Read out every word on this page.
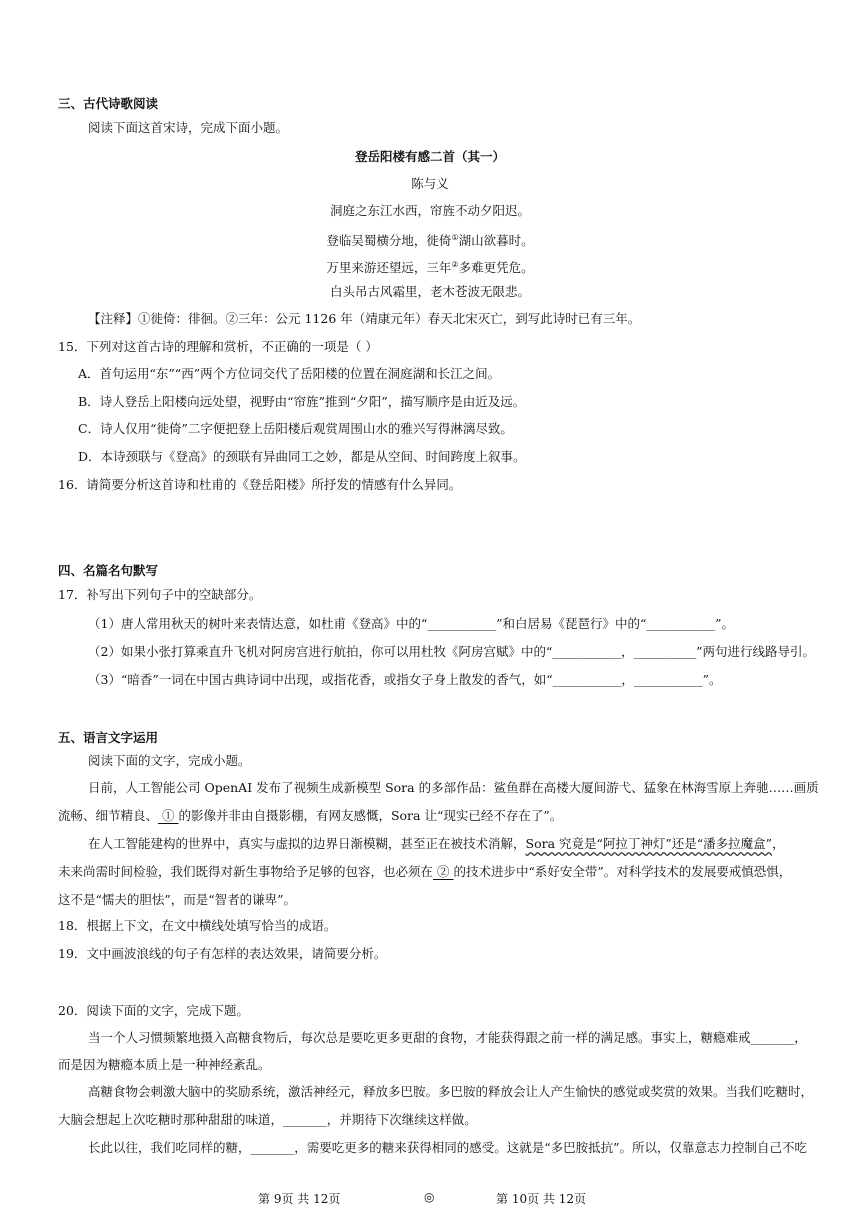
三、古代诗歌阅读
阅读下面这首宋诗，完成下面小题。
登岳阳楼有感二首（其一）
陈与义
洞庭之东江水西，帘旌不动夕阳迟。
登临吴蜀横分地，徙倚①湖山欲暮时。
万里来游还望远，三年②多难更凭危。
白头吊古风霜里，老木苍波无限悲。
【注释】①徙倚：徘徊。②三年：公元 1126 年（靖康元年）春天北宋灭亡，到写此诗时已有三年。
15．下列对这首古诗的理解和赏析，不正确的一项是（ ）
A．首句运用“东”“西”两个方位词交代了岳阳楼的位置在洞庭湖和长江之间。
B．诗人登岳上阳楼向远处望，视野由“帘旌”推到“夕阳”，描写顺序是由近及远。
C．诗人仅用“徙倚”二字便把登上岳阳楼后观赏周围山水的雅兴写得淋漓尽致。
D．本诗颈联与《登高》的颈联有异曲同工之妙，都是从空间、时间跨度上叙事。
16．请简要分析这首诗和杜甫的《登岳阳楼》所抒发的情感有什么异同。
四、名篇名句默写
17．补写出下列句子中的空缺部分。
（1）唐人常用秋天的树叶来表情达意，如杜甫《登高》中的“___________”和白居易《琵琶行》中的“___________”。
（2）如果小张打算乘直升飞机对阿房宫进行航拍，你可以用杜牧《阿房宫赋》中的“___________，__________”两句进行线路导引。
（3）“暗香”一词在中国古典诗词中出现，或指花香，或指女子身上散发的香气，如“___________，___________”。
五、语言文字运用
阅读下面的文字，完成小题。
日前，人工智能公司 OpenAI 发布了视频生成新模型 Sora 的多部作品：鲨鱼群在高楼大厦间游弋、猛象在林海雪原上奔驰……画质
流畅、细节精良、 ① 的影像并非由自摄影棚，有网友感慨，Sora 让“现实已经不存在了”。
在人工智能建构的世界中，真实与虚拟的边界日渐模糊，甚至正在被技术消解，Sora 究竟是“阿拉丁神灯”还是“潘多拉魔盒”，
未来尚需时间检验，我们既得对新生事物给予足够的包容，也必须在 ② 的技术进步中“系好安全带”。对科学技术的发展要戒慎恐惧，
这不是“懦夫的胆怯”，而是“智者的谦卑”。
18．根据上下文，在文中横线处填写恰当的成语。
19．文中画波浪线的句子有怎样的表达效果，请简要分析。
20．阅读下面的文字，完成下题。
当一个人习惯频繁地摄入高糖食物后，每次总是要吃更多更甜的食物，才能获得跟之前一样的满足感。事实上，糖瘾难戒_______，
而是因为糖瘾本质上是一种神经紊乱。
高糖食物会刺激大脑中的奖励系统，激活神经元，释放多巴胺。多巴胺的释放会让人产生愉快的感觉或奖赏的效果。当我们吃糖时，
大脑会想起上次吃糖时那种甜甜的味道，_______，并期待下次继续这样做。
长此以往，我们吃同样的糖，_______，需要吃更多的糖来获得相同的感受。这就是“多巴胺抵抗”。所以，仅靠意志力控制自己不吃
第 9页 共 12页	◎	第 10页 共 12页
